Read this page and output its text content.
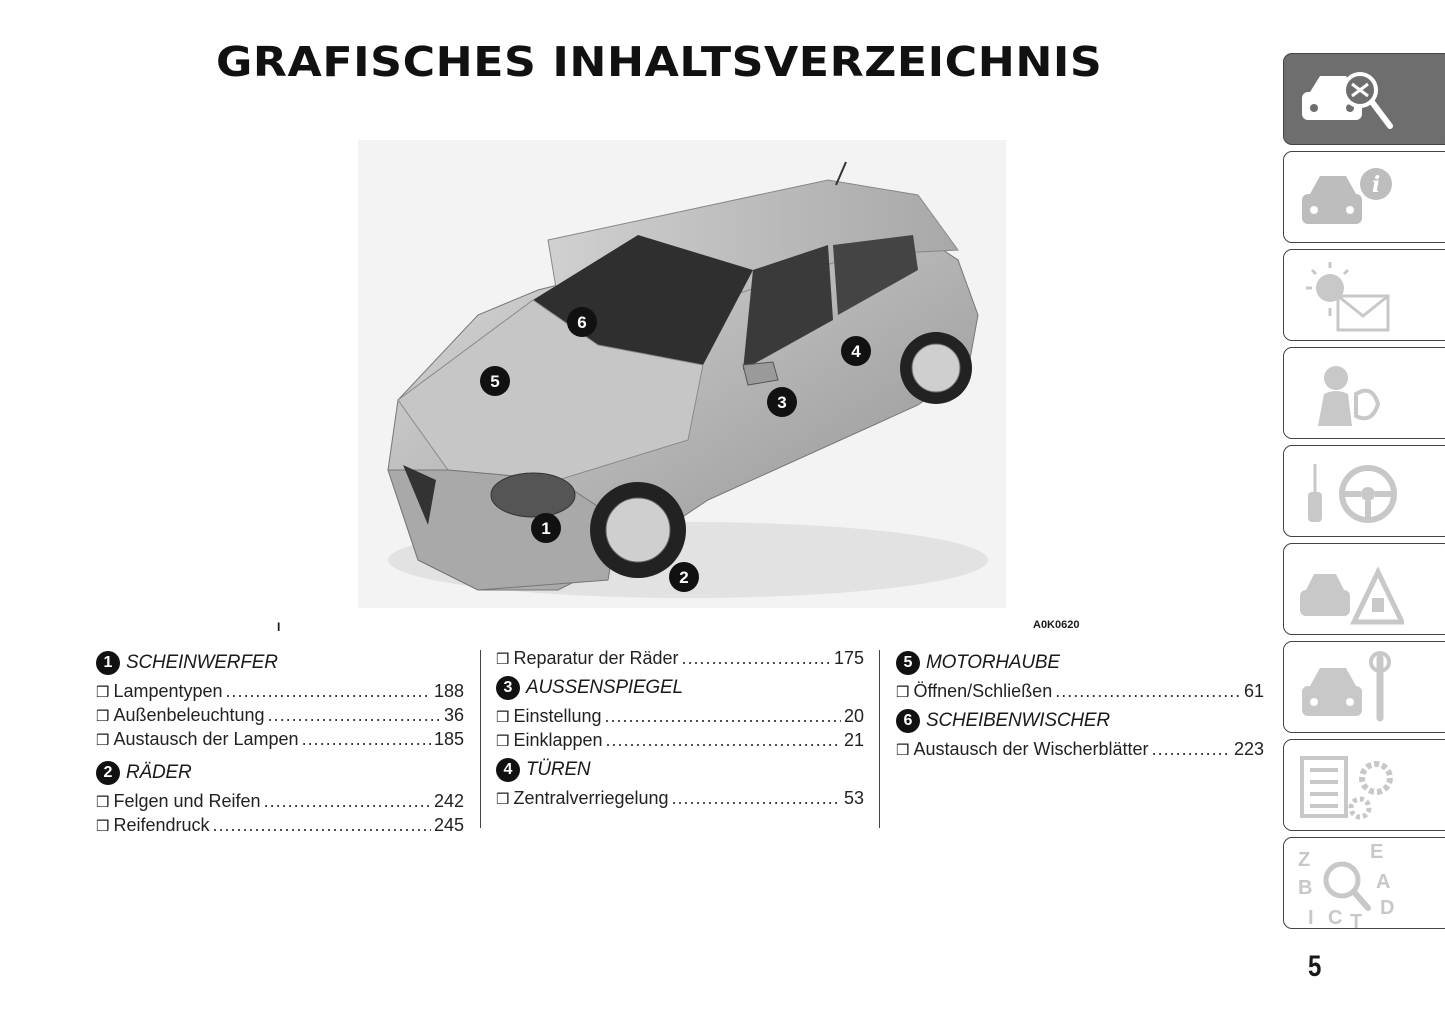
GRAFISCHES INHALTSVERZEICHNIS
1
2
3
4
5
6
I	A0K0620
1 SCHEINWERFER
❒ Lampentypen .....	188
❒ Außenbeleuchtung .....	36
❒ Austausch der Lampen .....	185
2 RÄDER
❒ Felgen und Reifen .....	242
❒ Reifendruck .....	245
❒ Reparatur der Räder .....	175
3 AUSSENSPIEGEL
❒ Einstellung .....	20
❒ Einklappen .....	21
4 TÜREN
❒ Zentralverriegelung .....	53
5 MOTORHAUBE
❒ Öffnen/Schließen .....	61
6 SCHEIBENWISCHER
❒ Austausch der Wischerblätter .....	223
i
Z	E
B	A
I C T
D
5
